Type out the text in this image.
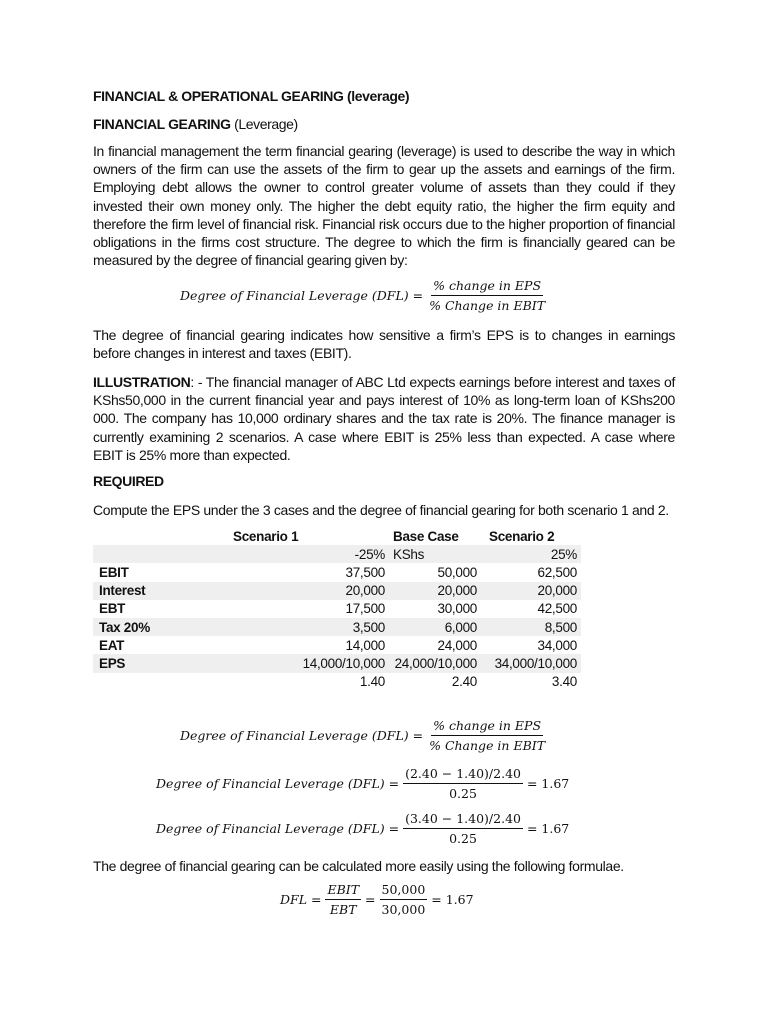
FINANCIAL & OPERATIONAL GEARING (leverage)
FINANCIAL GEARING (Leverage)
In financial management the term financial gearing (leverage) is used to describe the way in which owners of the firm can use the assets of the firm to gear up the assets and earnings of the firm. Employing debt allows the owner to control greater volume of assets than they could if they invested their own money only. The higher the debt equity ratio, the higher the firm equity and therefore the firm level of financial risk. Financial risk occurs due to the higher proportion of financial obligations in the firms cost structure. The degree to which the firm is financially geared can be measured by the degree of financial gearing given by:
Degree of Financial Leverage $(DFL) = \frac{\text{\% change in EPS}}{\text{\% Change in EBIT}}$
The degree of financial gearing indicates how sensitive a firm’s EPS is to changes in earnings before changes in interest and taxes (EBIT).
ILLUSTRATION: - The financial manager of ABC Ltd expects earnings before interest and taxes of KShs50,000 in the current financial year and pays interest of 10% as long-term loan of KShs200 000. The company has 10,000 ordinary shares and the tax rate is 20%. The finance manager is currently examining 2 scenarios. A case where EBIT is 25% less than expected. A case where EBIT is 25% more than expected.
REQUIRED
Compute the EPS under the 3 cases and the degree of financial gearing for both scenario 1 and 2.
	Scenario 1	Base Case	Scenario 2
	-25%	KShs	25%
EBIT	37,500	50,000	62,500
Interest	20,000	20,000	20,000
EBT	17,500	30,000	42,500
Tax 20%	3,500	6,000	8,500
EAT	14,000	24,000	34,000
EPS	14,000/10,000	24,000/10,000	34,000/10,000
	1.40	2.40	3.40
Degree of Financial Leverage $(DFL) = \frac{\text{\% change in EPS}}{\text{\% Change in EBIT}}$
Degree of Financial Leverage $(DFL) = \frac{(2.40 - 1.40)/2.40}{0.25} = 1.67$
Degree of Financial Leverage $(DFL) = \frac{(3.40 - 1.40)/2.40}{0.25} = 1.67$
The degree of financial gearing can be calculated more easily using the following formulae.
DFL = $\frac{\text{EBIT}}{\text{EBT}} = \frac{50,000}{30,000} = 1.67$
